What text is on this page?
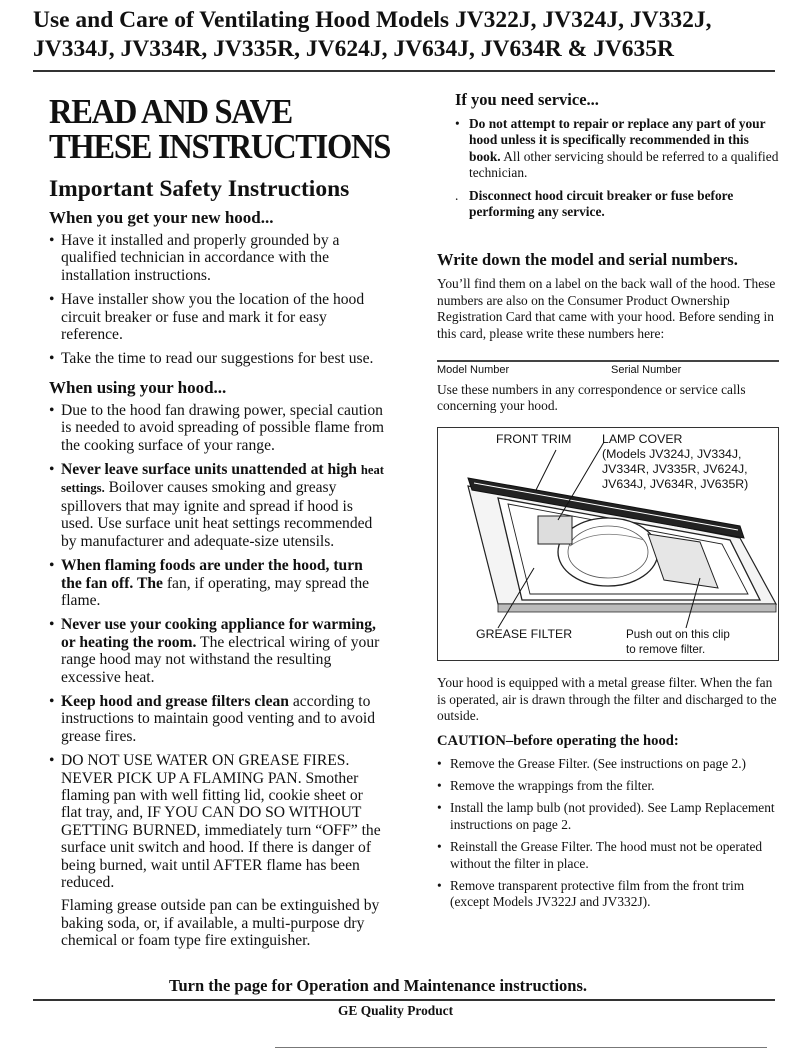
Use and Care of Ventilating Hood Models JV322J, JV324J, JV332J,
JV334J, JV334R, JV335R, JV624J, JV634J, JV634R & JV635R
READ AND SAVE
THESE INSTRUCTIONS
Important Safety Instructions
When you get your new hood...
• Have it installed and properly grounded by a qualified technician in accordance with the installation instructions.
• Have installer show you the location of the hood circuit breaker or fuse and mark it for easy reference.
• Take the time to read our suggestions for best use.
When using your hood...
• Due to the hood fan drawing power, special caution is needed to avoid spreading of possible flame from the cooking surface of your range.
• Never leave surface units unattended at high heat settings. Boilover causes smoking and greasy spillovers that may ignite and spread if hood is used. Use surface unit heat settings recommended by manufacturer and adequate-size utensils.
• When flaming foods are under the hood, turn the fan off. The fan, if operating, may spread the flame.
• Never use your cooking appliance for warming, or heating the room. The electrical wiring of your range hood may not withstand the resulting excessive heat.
• Keep hood and grease filters clean according to instructions to maintain good venting and to avoid grease fires.
• DO NOT USE WATER ON GREASE FIRES. NEVER PICK UP A FLAMING PAN. Smother flaming pan with well fitting lid, cookie sheet or flat tray, and, IF YOU CAN DO SO WITHOUT GETTING BURNED, immediately turn “OFF” the surface unit switch and hood. If there is danger of being burned, wait until AFTER flame has been reduced.
Flaming grease outside pan can be extinguished by baking soda, or, if available, a multi-purpose dry chemical or foam type fire extinguisher.
If you need service...
• Do not attempt to repair or replace any part of your hood unless it is specifically recommended in this book. All other servicing should be referred to a qualified technician.
. Disconnect hood circuit breaker or fuse before performing any service.
Write down the model and serial numbers.
You’ll find them on a label on the back wall of the hood. These numbers are also on the Consumer Product Ownership Registration Card that came with your hood. Before sending in this card, please write these numbers here:
Model Number	Serial Number
Use these numbers in any correspondence or service calls concerning your hood.
FRONT TRIM LAMP COVER
(Models JV324J, JV334J,
JV334R, JV335R, JV624J,
JV634J, JV634R, JV635R)
GREASE FILTER	Push out on this clip
to remove filter.
Your hood is equipped with a metal grease filter. When the fan is operated, air is drawn through the filter and discharged to the outside.
CAUTION–before operating the hood:
• Remove the Grease Filter. (See instructions on page 2.)
• Remove the wrappings from the filter.
• Install the lamp bulb (not provided). See Lamp Replacement instructions on page 2.
• Reinstall the Grease Filter. The hood must not be operated without the filter in place.
• Remove transparent protective film from the front trim (except Models JV322J and JV332J).
Turn the page for Operation and Maintenance instructions.
GE Quality Product
